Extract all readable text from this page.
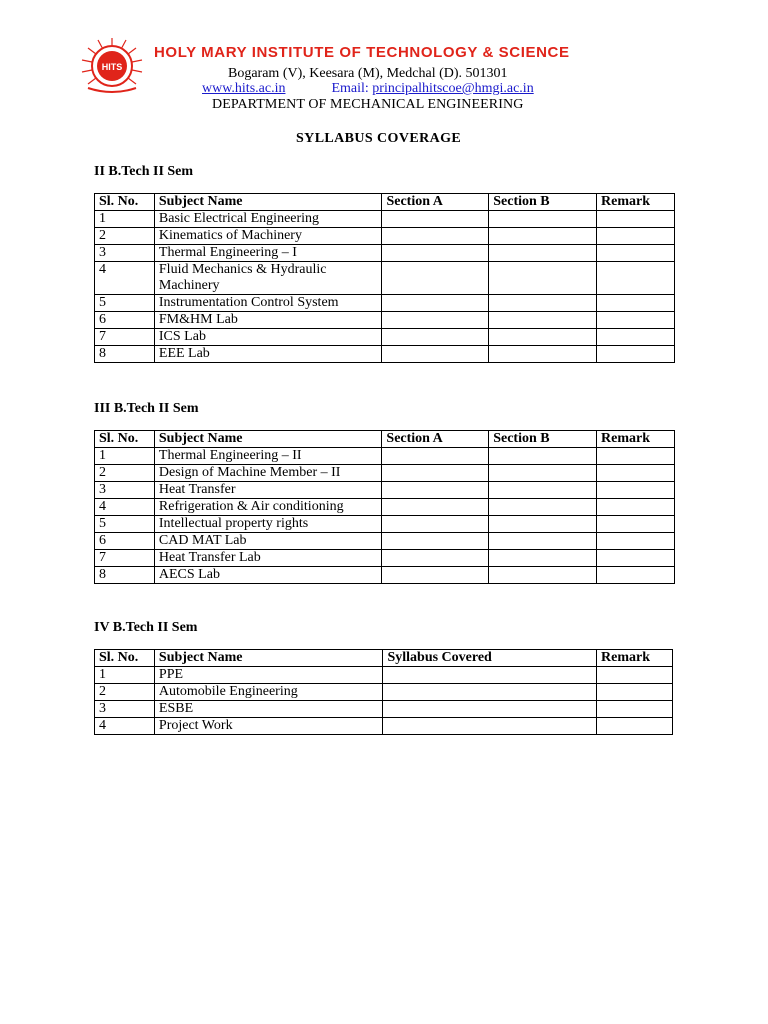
HITS
HOLY MARY INSTITUTE OF TECHNOLOGY & SCIENCE
Bogaram (V), Keesara (M), Medchal (D). 501301
www.hits.ac.in	Email: principalhitscoe@hmgi.ac.in
DEPARTMENT OF MECHANICAL ENGINEERING
SYLLABUS COVERAGE
II B.Tech II Sem
Sl. No.	Subject Name	Section A	Section B	Remark
1	Basic Electrical Engineering			
2	Kinematics of Machinery			
3	Thermal Engineering – I			
4	Fluid Mechanics & Hydraulic Machinery			
5	Instrumentation Control System			
6	FM&HM Lab			
7	ICS Lab			
8	EEE Lab			
III B.Tech II Sem
Sl. No.	Subject Name	Section A	Section B	Remark
1	Thermal Engineering – II			
2	Design of Machine Member – II			
3	Heat Transfer			
4	Refrigeration & Air conditioning			
5	Intellectual property rights			
6	CAD MAT Lab			
7	Heat Transfer Lab			
8	AECS Lab			
IV B.Tech II Sem
Sl. No.	Subject Name	Syllabus Covered	Remark
1	PPE		
2	Automobile Engineering		
3	ESBE		
4	Project Work		
